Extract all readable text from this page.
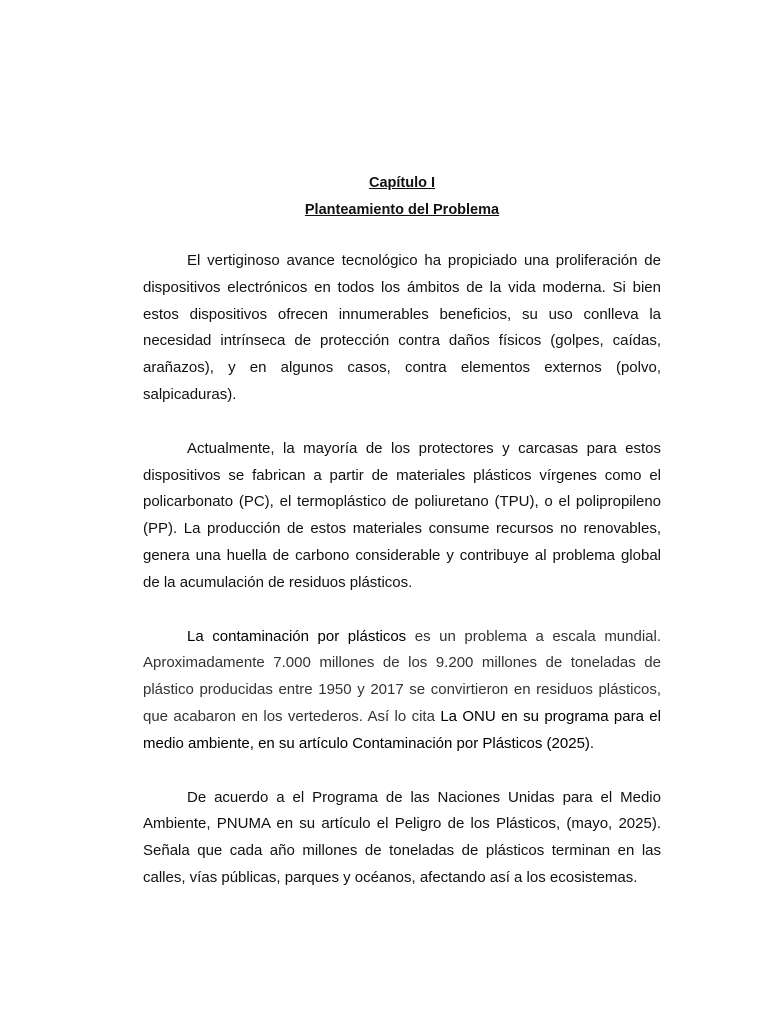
Capítulo I
Planteamiento del Problema

El vertiginoso avance tecnológico ha propiciado una proliferación de dispositivos electrónicos en todos los ámbitos de la vida moderna. Si bien estos dispositivos ofrecen innumerables beneficios, su uso conlleva la necesidad intrínseca de protección contra daños físicos (golpes, caídas, arañazos), y en algunos casos, contra elementos externos (polvo, salpicaduras).

Actualmente, la mayoría de los protectores y carcasas para estos dispositivos se fabrican a partir de materiales plásticos vírgenes como el policarbonato (PC), el termoplástico de poliuretano (TPU), o el polipropileno (PP). La producción de estos materiales consume recursos no renovables, genera una huella de carbono considerable y contribuye al problema global de la acumulación de residuos plásticos.

La contaminación por plásticos es un problema a escala mundial. Aproximadamente 7.000 millones de los 9.200 millones de toneladas de plástico producidas entre 1950 y 2017 se convirtieron en residuos plásticos, que acabaron en los vertederos. Así lo cita La ONU en su programa para el medio ambiente, en su artículo Contaminación por Plásticos (2025).

De acuerdo a el Programa de las Naciones Unidas para el Medio Ambiente, PNUMA en su artículo el Peligro de los Plásticos, (mayo, 2025). Señala que cada año millones de toneladas de plásticos terminan en las calles, vías públicas, parques y océanos, afectando así a los ecosistemas.
